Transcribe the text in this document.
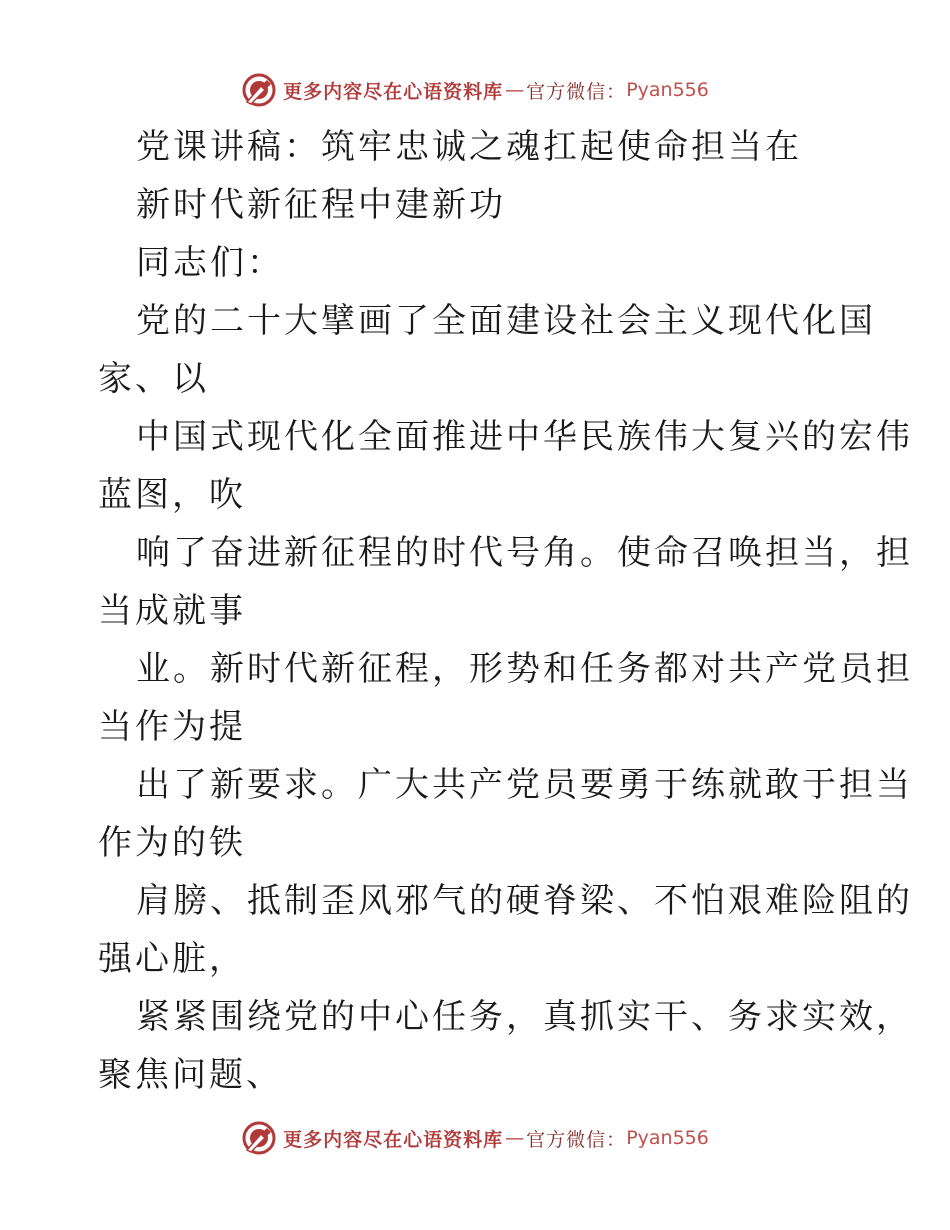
更多内容尽在心语资料库 — 官方微信： Pyan556
党课讲稿：筑牢忠诚之魂扛起使命担当在
新时代新征程中建新功
同志们：
党的二十大擘画了全面建设社会主义现代化国
家、以
中国式现代化全面推进中华民族伟大复兴的宏伟
蓝图，吹
响了奋进新征程的时代号角。使命召唤担当，担
当成就事
业。新时代新征程，形势和任务都对共产党员担
当作为提
出了新要求。广大共产党员要勇于练就敢于担当
作为的铁
肩膀、抵制歪风邪气的硬脊梁、不怕艰难险阻的
强心脏，
紧紧围绕党的中心任务，真抓实干、务求实效，
聚焦问题、
更多内容尽在心语资料库 — 官方微信： Pyan556
